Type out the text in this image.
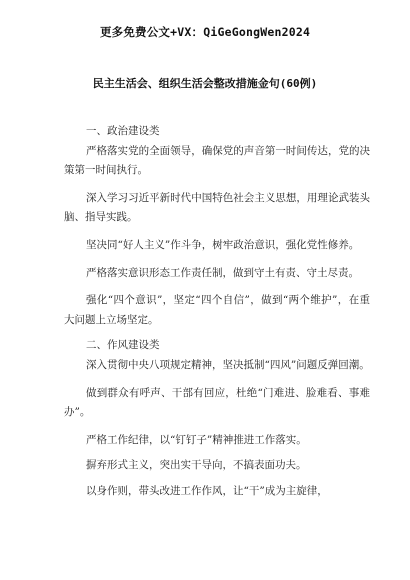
更多免费公文+VX：QiGeGongWen2024
民主生活会、组织生活会整改措施金句(60例)
一、政治建设类

严格落实党的全面领导，确保党的声音第一时间传达，党的决策第一时间执行。

深入学习习近平新时代中国特色社会主义思想，用理论武装头脑、指导实践。

坚决同“好人主义”作斗争，树牢政治意识，强化党性修养。

严格落实意识形态工作责任制，做到守土有责、守土尽责。

强化“四个意识”，坚定“四个自信”，做到“两个维护”，在重大问题上立场坚定。

二、作风建设类

深入贯彻中央八项规定精神，坚决抵制“四风”问题反弹回潮。

做到群众有呼声、干部有回应，杜绝“门难进、脸难看、事难办”。

严格工作纪律，以“钉钉子”精神推进工作落实。

摒弃形式主义，突出实干导向，不搞表面功夫。

以身作则，带头改进工作作风，让“干”成为主旋律，
